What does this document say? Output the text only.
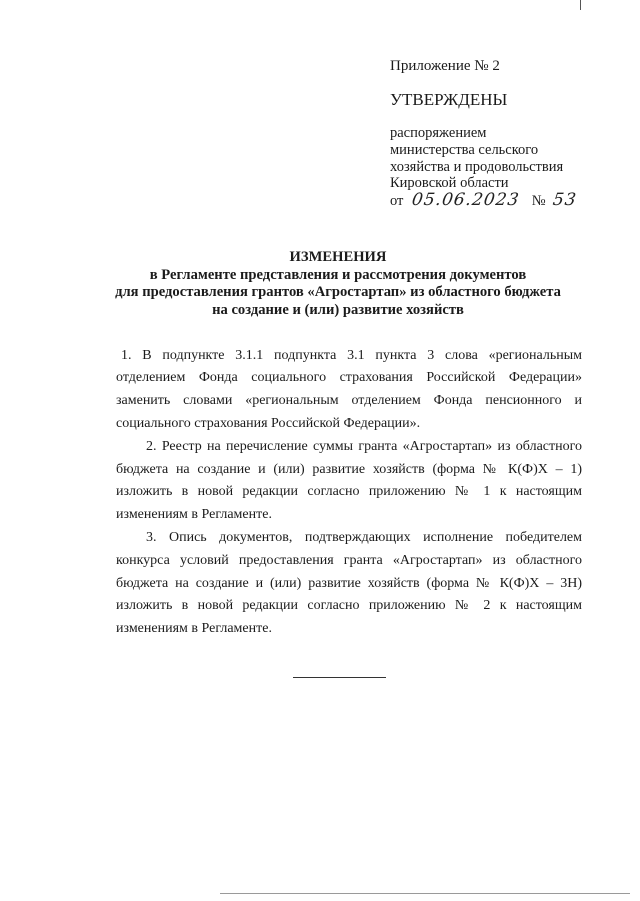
Приложение № 2
УТВЕРЖДЕНЫ
распоряжением
министерства сельского
хозяйства и продовольствия
Кировской области
от 05.06.2023 № 53
ИЗМЕНЕНИЯ
в Регламенте представления и рассмотрения документов
для предоставления грантов «Агростартап» из областного бюджета
на создание и (или) развитие хозяйств
1. В подпункте 3.1.1 подпункта 3.1 пункта 3 слова «региональным
отделением Фонда социального страхования Российской Федерации»
заменить словами «региональным отделением Фонда пенсионного и
социального страхования Российской Федерации».
2. Реестр на перечисление суммы гранта «Агростартап» из областного
бюджета на создание и (или) развитие хозяйств (форма № К(Ф)Х – 1)
изложить в новой редакции согласно приложению № 1 к настоящим
изменениям в Регламенте.
3. Опись документов, подтверждающих исполнение победителем
конкурса условий предоставления гранта «Агростартап» из областного
бюджета на создание и (или) развитие хозяйств (форма № К(Ф)Х – 3Н)
изложить в новой редакции согласно приложению № 2 к настоящим
изменениям в Регламенте.
